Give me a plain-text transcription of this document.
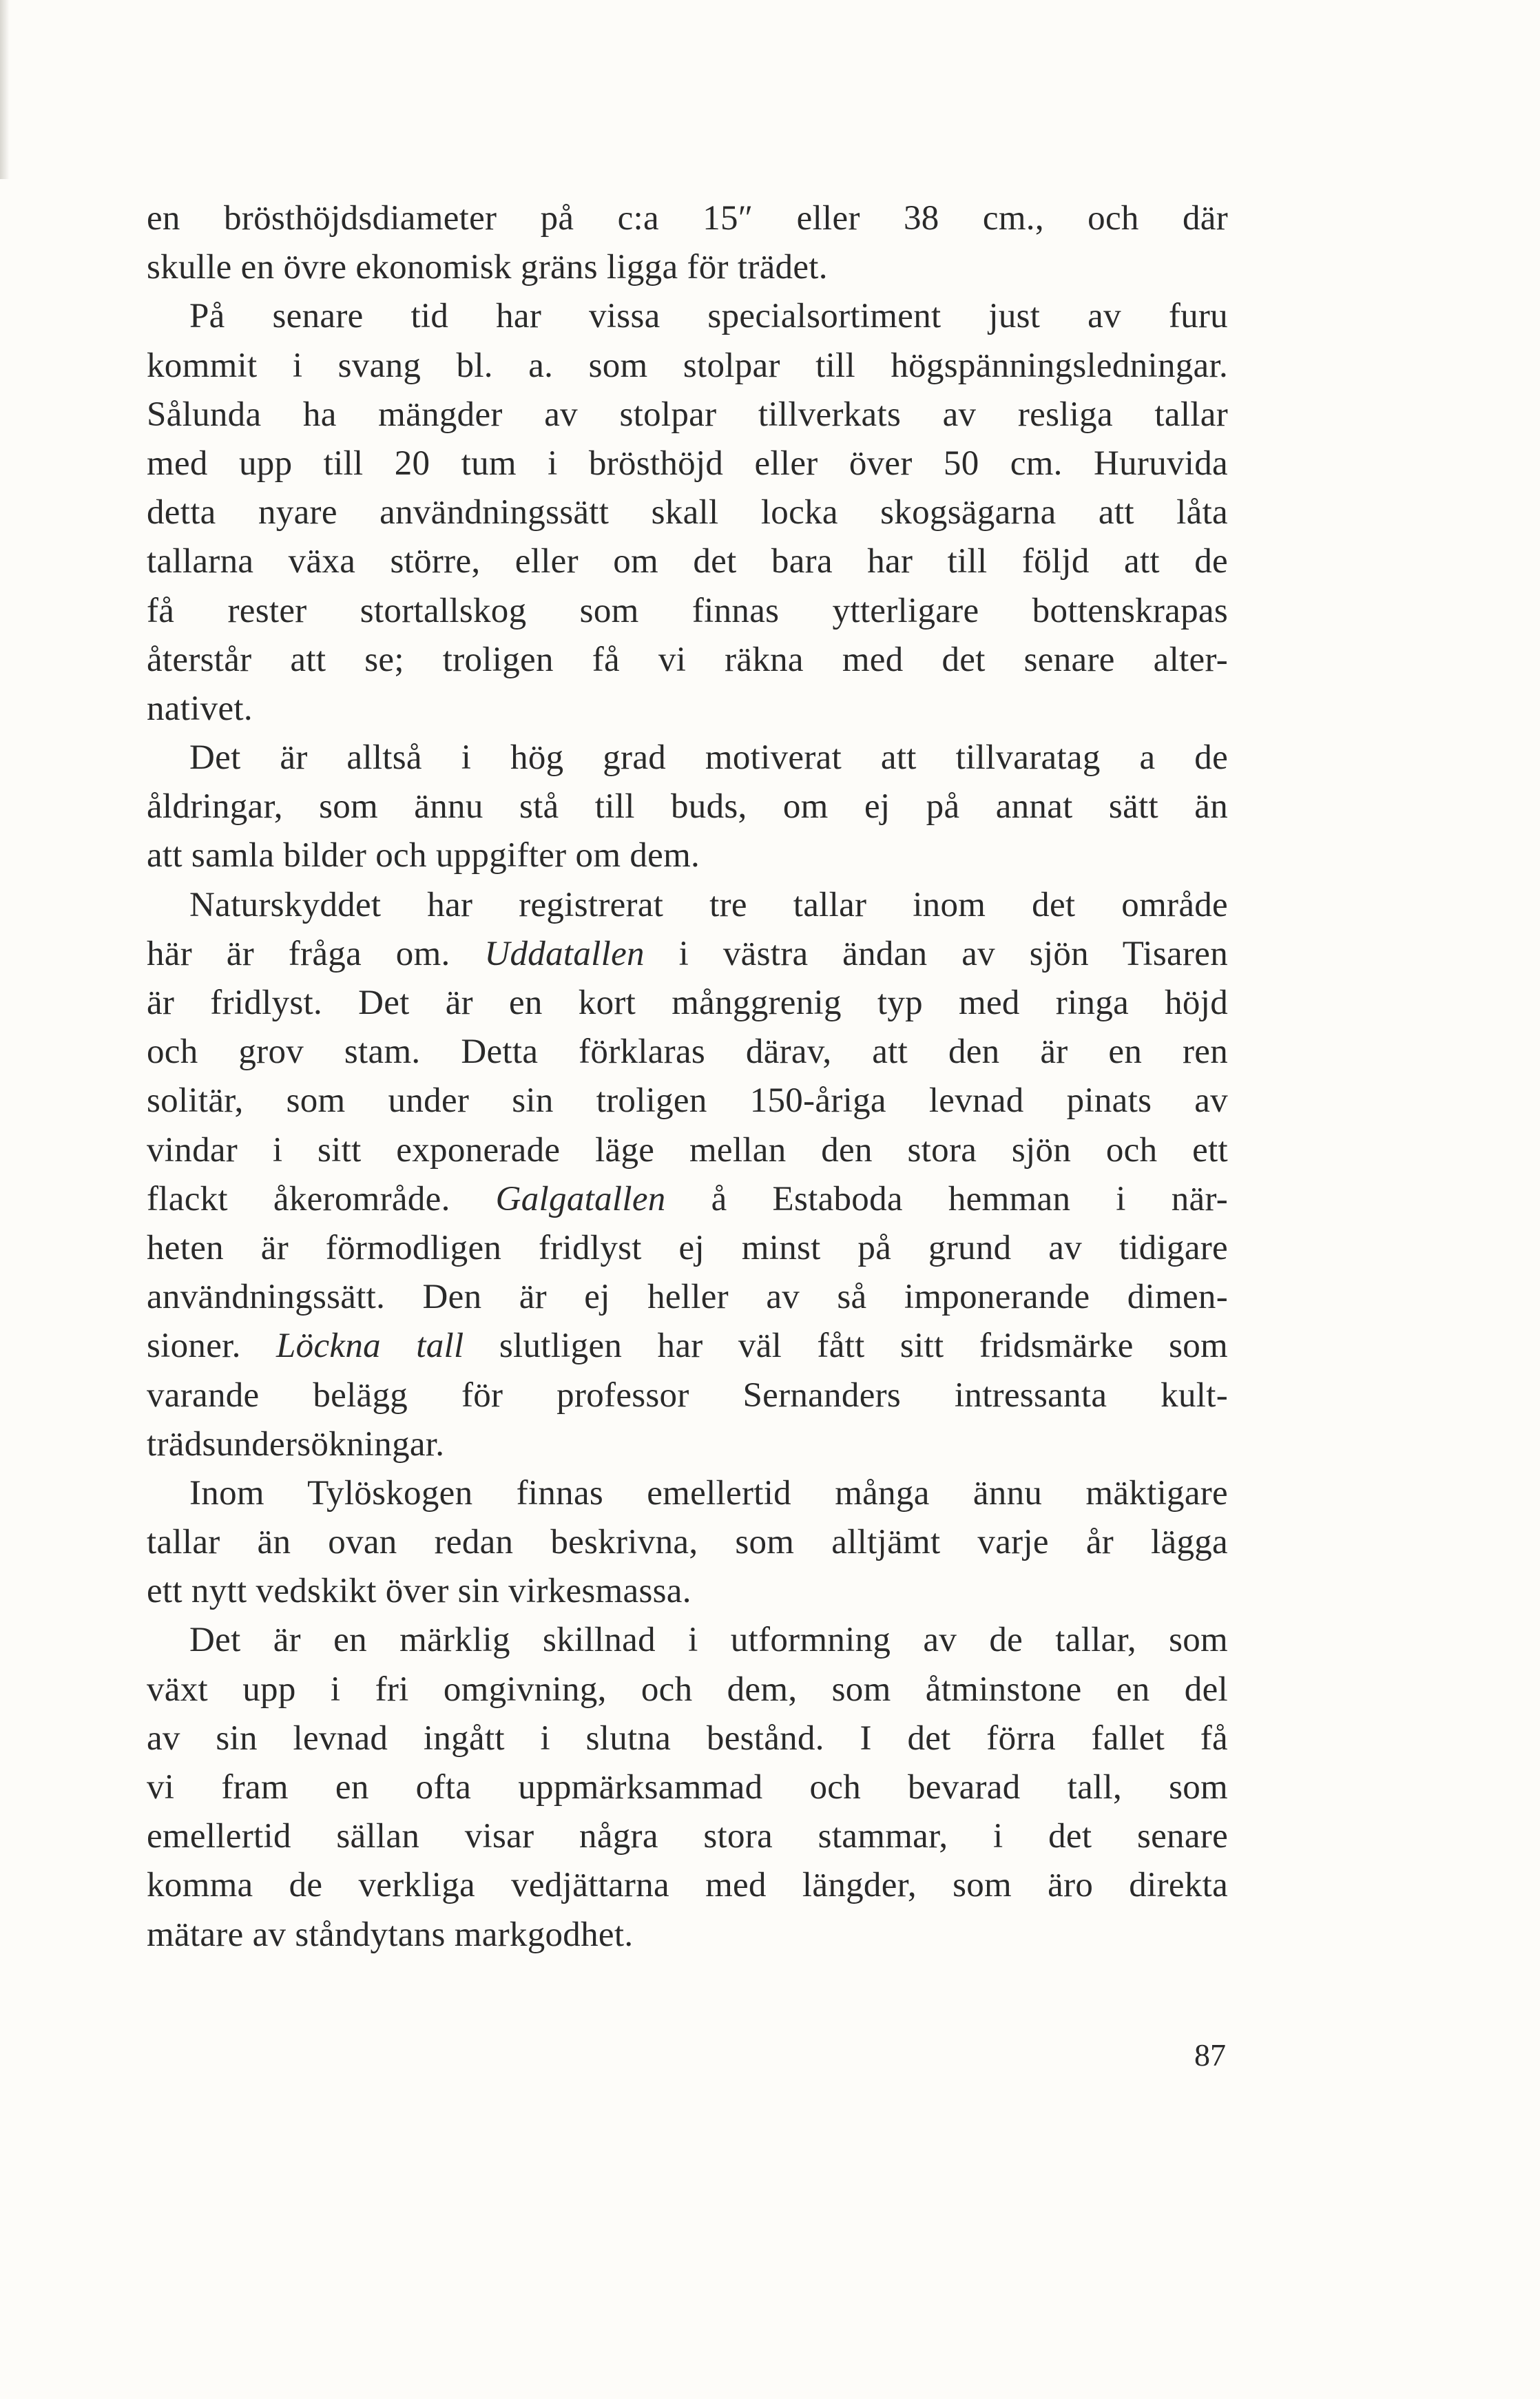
en brösthöjdsdiameter på c:a 15″ eller 38 cm., och där
skulle en övre ekonomisk gräns ligga för trädet.

På senare tid har vissa specialsortiment just av furu
kommit i svang bl. a. som stolpar till högspänningsledningar.
Sålunda ha mängder av stolpar tillverkats av resliga tallar
med upp till 20 tum i brösthöjd eller över 50 cm. Huruvida
detta nyare användningssätt skall locka skogsägarna att låta
tallarna växa större, eller om det bara har till följd att de
få rester stortallskog som finnas ytterligare bottenskrapas
återstår att se; troligen få vi räkna med det senare alter-
nativet.

Det är alltså i hög grad motiverat att tillvaratag a de
åldringar, som ännu stå till buds, om ej på annat sätt än
att samla bilder och uppgifter om dem.

Naturskyddet har registrerat tre tallar inom det område
här är fråga om. Uddatallen i västra ändan av sjön Tisaren
är fridlyst. Det är en kort månggrenig typ med ringa höjd
och grov stam. Detta förklaras därav, att den är en ren
solitär, som under sin troligen 150-åriga levnad pinats av
vindar i sitt exponerade läge mellan den stora sjön och ett
flackt åkerområde. Galgatallen å Estaboda hemman i när-
heten är förmodligen fridlyst ej minst på grund av tidigare
användningssätt. Den är ej heller av så imponerande dimen-
sioner. Löckna tall slutligen har väl fått sitt fridsmärke som
varande belägg för professor Sernanders intressanta kult-
trädsundersökningar.

Inom Tylöskogen finnas emellertid många ännu mäktigare
tallar än ovan redan beskrivna, som alltjämt varje år lägga
ett nytt vedskikt över sin virkesmassa.

Det är en märklig skillnad i utformning av de tallar, som
växt upp i fri omgivning, och dem, som åtminstone en del
av sin levnad ingått i slutna bestånd. I det förra fallet få
vi fram en ofta uppmärksammad och bevarad tall, som
emellertid sällan visar några stora stammar, i det senare
komma de verkliga vedjättarna med längder, som äro direkta
mätare av ståndytans markgodhet.

87
